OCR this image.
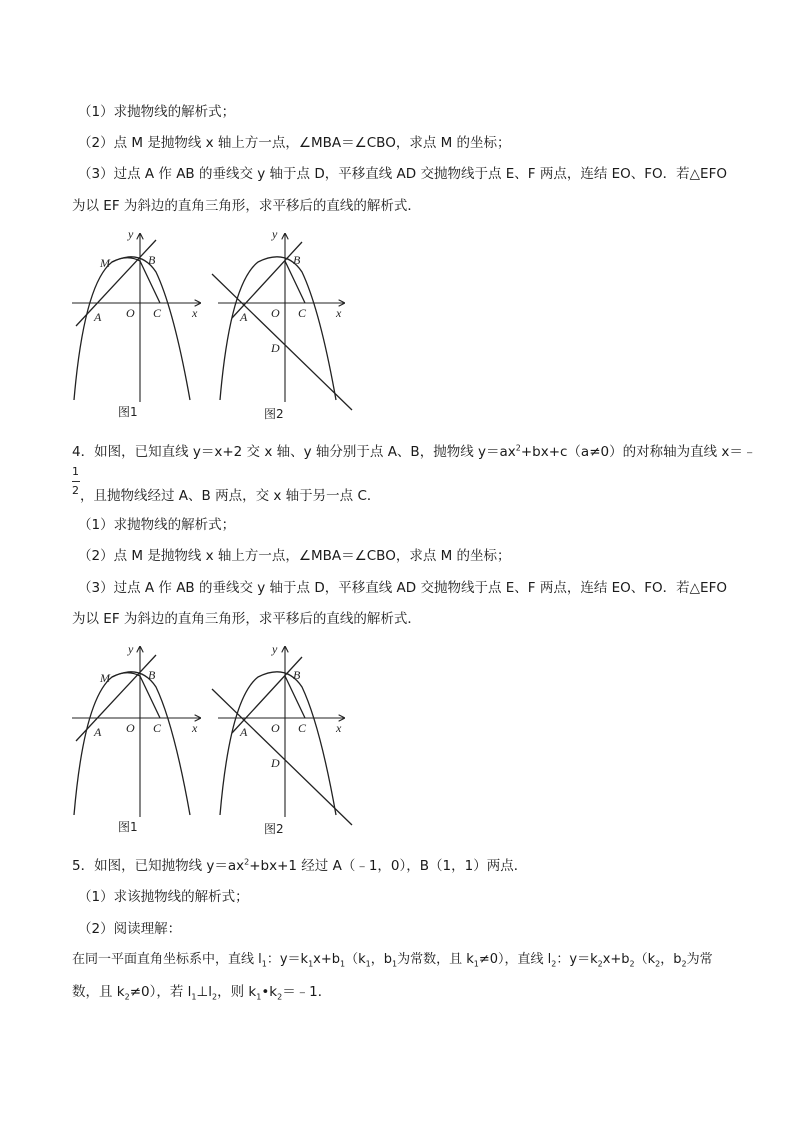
（1）求抛物线的解析式；
（2）点 M 是抛物线 x 轴上方一点，∠MBA＝∠CBO，求点 M 的坐标；
（3）过点 A 作 AB 的垂线交 y 轴于点 D，平移直线 AD 交抛物线于点 E、F 两点，连结 EO、FO．若△EFO
为以 EF 为斜边的直角三角形，求平移后的直线的解析式．
y
x
M	B
A O C
图1
y
x
B
A O C
D
图2
4．如图，已知直线 y＝x+2 交 x 轴、y 轴分别于点 A、B，抛物线 $y=ax^2+bx+c(a\ne 0)$的对称轴为直线 x＝﹣
1
2 ，且抛物线经过 A、B 两点，交 x 轴于另一点 C．
（1）求抛物线的解析式；
（2）点 M 是抛物线 x 轴上方一点，∠MBA＝∠CBO，求点 M 的坐标；
（3）过点 A 作 AB 的垂线交 y 轴于点 D，平移直线 AD 交抛物线于点 E、F 两点，连结 EO、FO．若△EFO
为以 EF 为斜边的直角三角形，求平移后的直线的解析式．
y
x
M	B
A O C
图1
y
x
B
A O C
D
图2
5．如图，已知抛物线 $y=ax^2+bx+1$ 经过 A（﹣1，0），B（1，1）两点．
（1）求该抛物线的解析式；
（2）阅读理解：
在同一平面直角坐标系中，直线 $l_1$：$y=k_1x+b_1(k_1$，$b_1$为常数，且 $k_1\ne 0$），直线 $l_2$：$y=k_2x+b_2(k_2$，$b_2$为常
数，且 $k_2\ne 0$），若 $l_1\perp l_2$，则 $k_1•k_2=﹣1$．
